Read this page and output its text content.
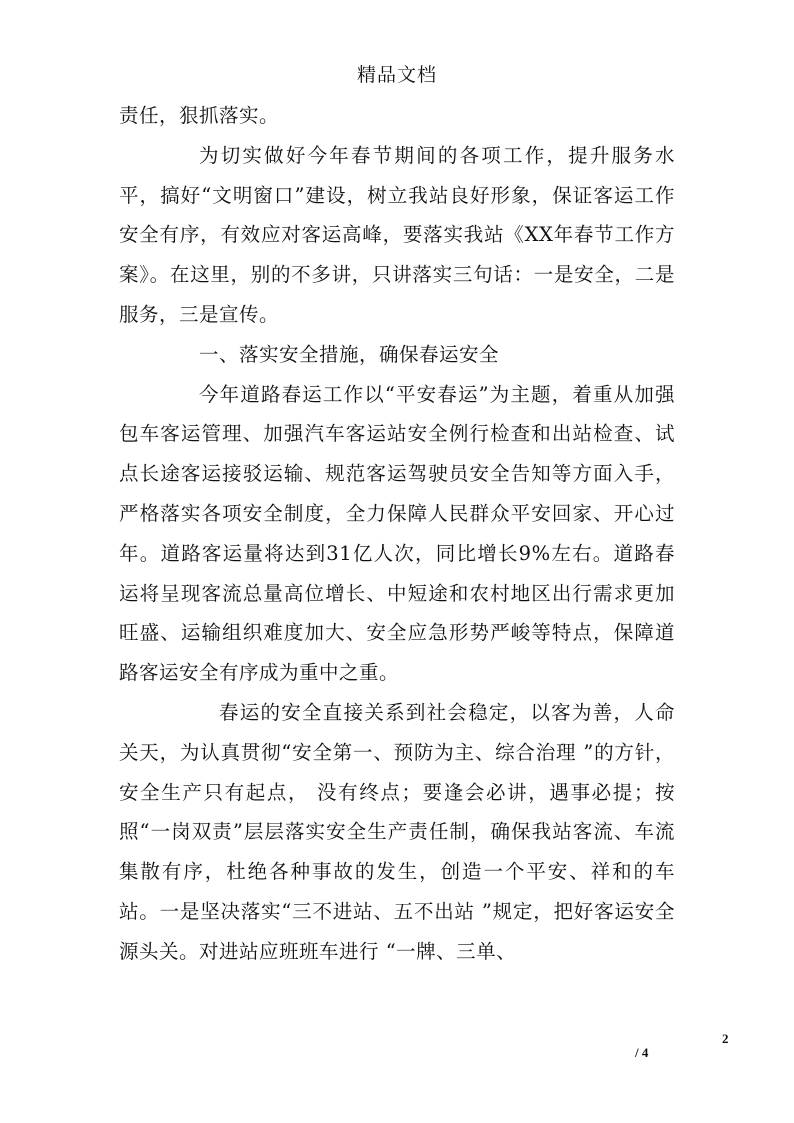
精品文档

责任，狠抓落实。

为切实做好今年春节期间的各项工作，提升服务水平，搞好“文明窗口”建设，树立我站良好形象，保证客运工作安全有序，有效应对客运高峰，要落实我站《XX年春节工作方案》。在这里，别的不多讲，只讲落实三句话：一是安全，二是服务，三是宣传。

一、落实安全措施，确保春运安全

今年道路春运工作以“平安春运”为主题，着重从加强包车客运管理、加强汽车客运站安全例行检查和出站检查、试点长途客运接驳运输、规范客运驾驶员安全告知等方面入手，严格落实各项安全制度，全力保障人民群众平安回家、开心过年。道路客运量将达到31亿人次，同比增长9%左右。道路春运将呈现客流总量高位增长、中短途和农村地区出行需求更加旺盛、运输组织难度加大、安全应急形势严峻等特点，保障道路客运安全有序成为重中之重。

春运的安全直接关系到社会稳定，以客为善，人命关天，为认真贯彻“安全第一、预防为主、综合治理 ”的方针，安全生产只有起点， 没有终点；要逢会必讲，遇事必提；按照“一岗双责”层层落实安全生产责任制，确保我站客流、车流集散有序，杜绝各种事故的发生，创造一个平安、祥和的车站。一是坚决落实“三不进站、五不出站 ”规定，把好客运安全源头关。对进站应班班车进行 “一牌、三单、

2
/ 4
